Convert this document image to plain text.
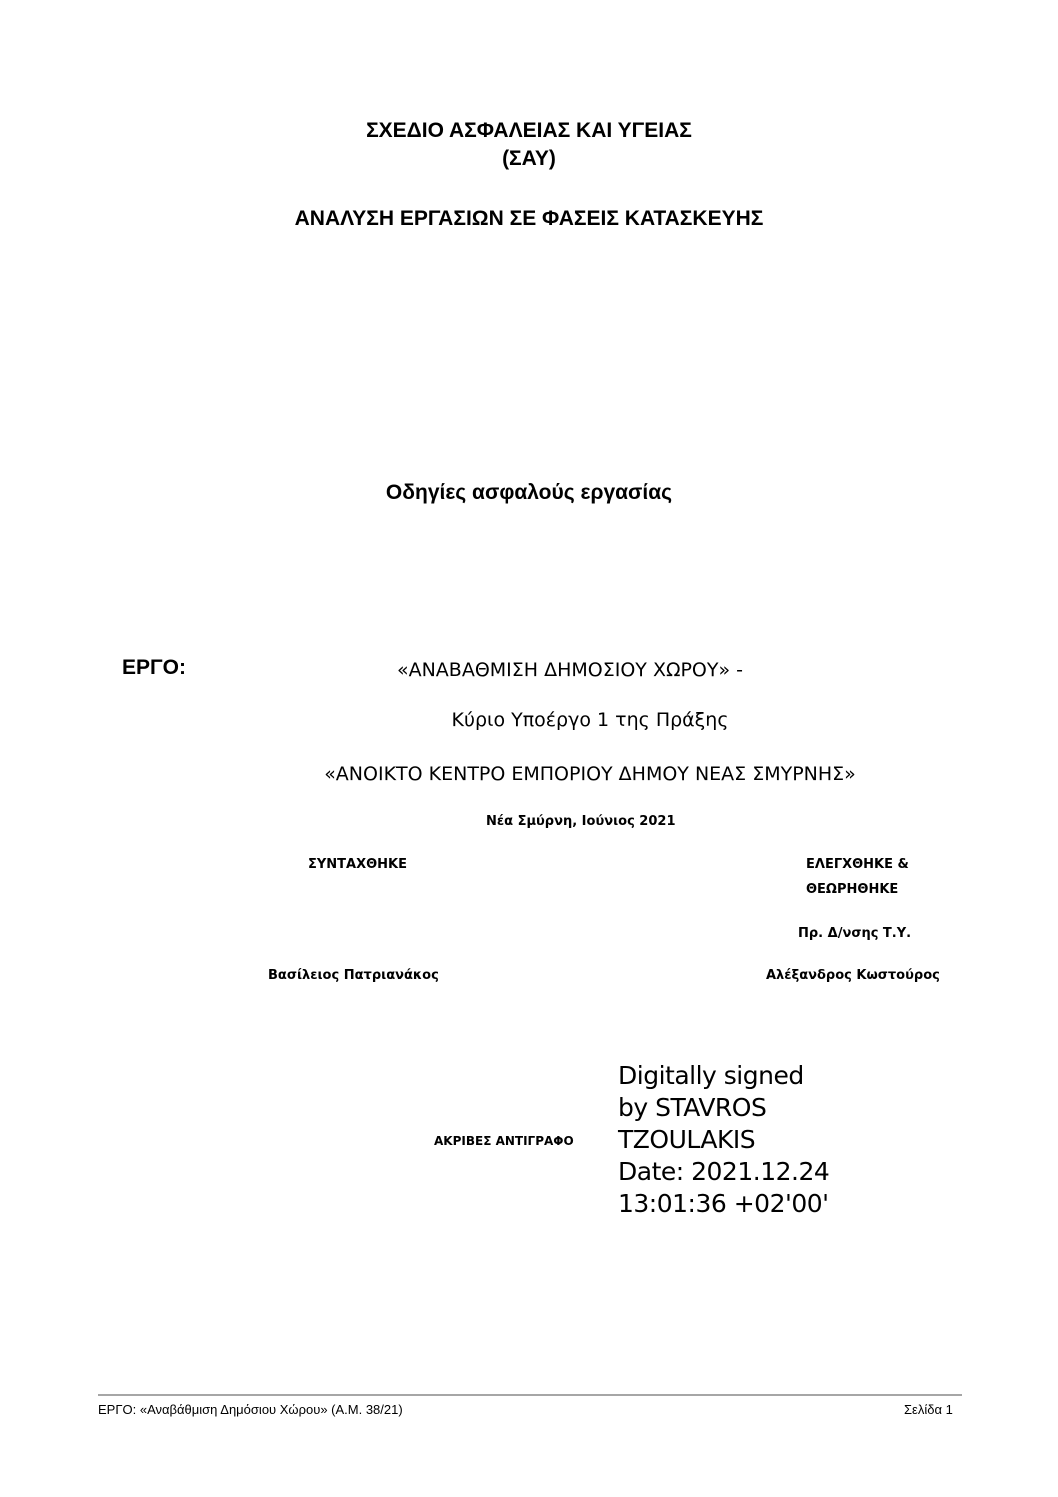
ΣΧΕΔΙΟ ΑΣΦΑΛΕΙΑΣ ΚΑΙ ΥΓΕΙΑΣ
(ΣΑΥ)
ΑΝΑΛΥΣΗ ΕΡΓΑΣΙΩΝ ΣΕ ΦΑΣΕΙΣ ΚΑΤΑΣΚΕΥΗΣ
Οδηγίες ασφαλούς εργασίας
ΕΡΓΟ:	«ΑΝΑΒΑΘΜΙΣΗ ΔΗΜΟΣΙΟΥ ΧΩΡΟΥ» -
Κύριο Υποέργο 1 της Πράξης
«ΑΝΟΙΚΤΟ ΚΕΝΤΡΟ ΕΜΠΟΡΙΟΥ ΔΗΜΟΥ ΝΕΑΣ ΣΜΥΡΝΗΣ»
Νέα Σμύρνη, Ιούνιος 2021
ΣΥΝΤΑΧΘΗΚΕ	ΕΛΕΓΧΘΗΚΕ &
ΘΕΩΡΗΘΗΚΕ
Πρ. Δ/νσης Τ.Υ.
Βασίλειος Πατριανάκος	Αλέξανδρος Κωστούρος
ΑΚΡΙΒΕΣ ΑΝΤΙΓΡΑΦΟ
Digitally signed
by STAVROS
TZOULAKIS
Date: 2021.12.24
13:01:36 +02'00'
ΕΡΓΟ: «Αναβάθμιση Δημόσιου Χώρου» (Α.Μ. 38/21)	Σελίδα 1
